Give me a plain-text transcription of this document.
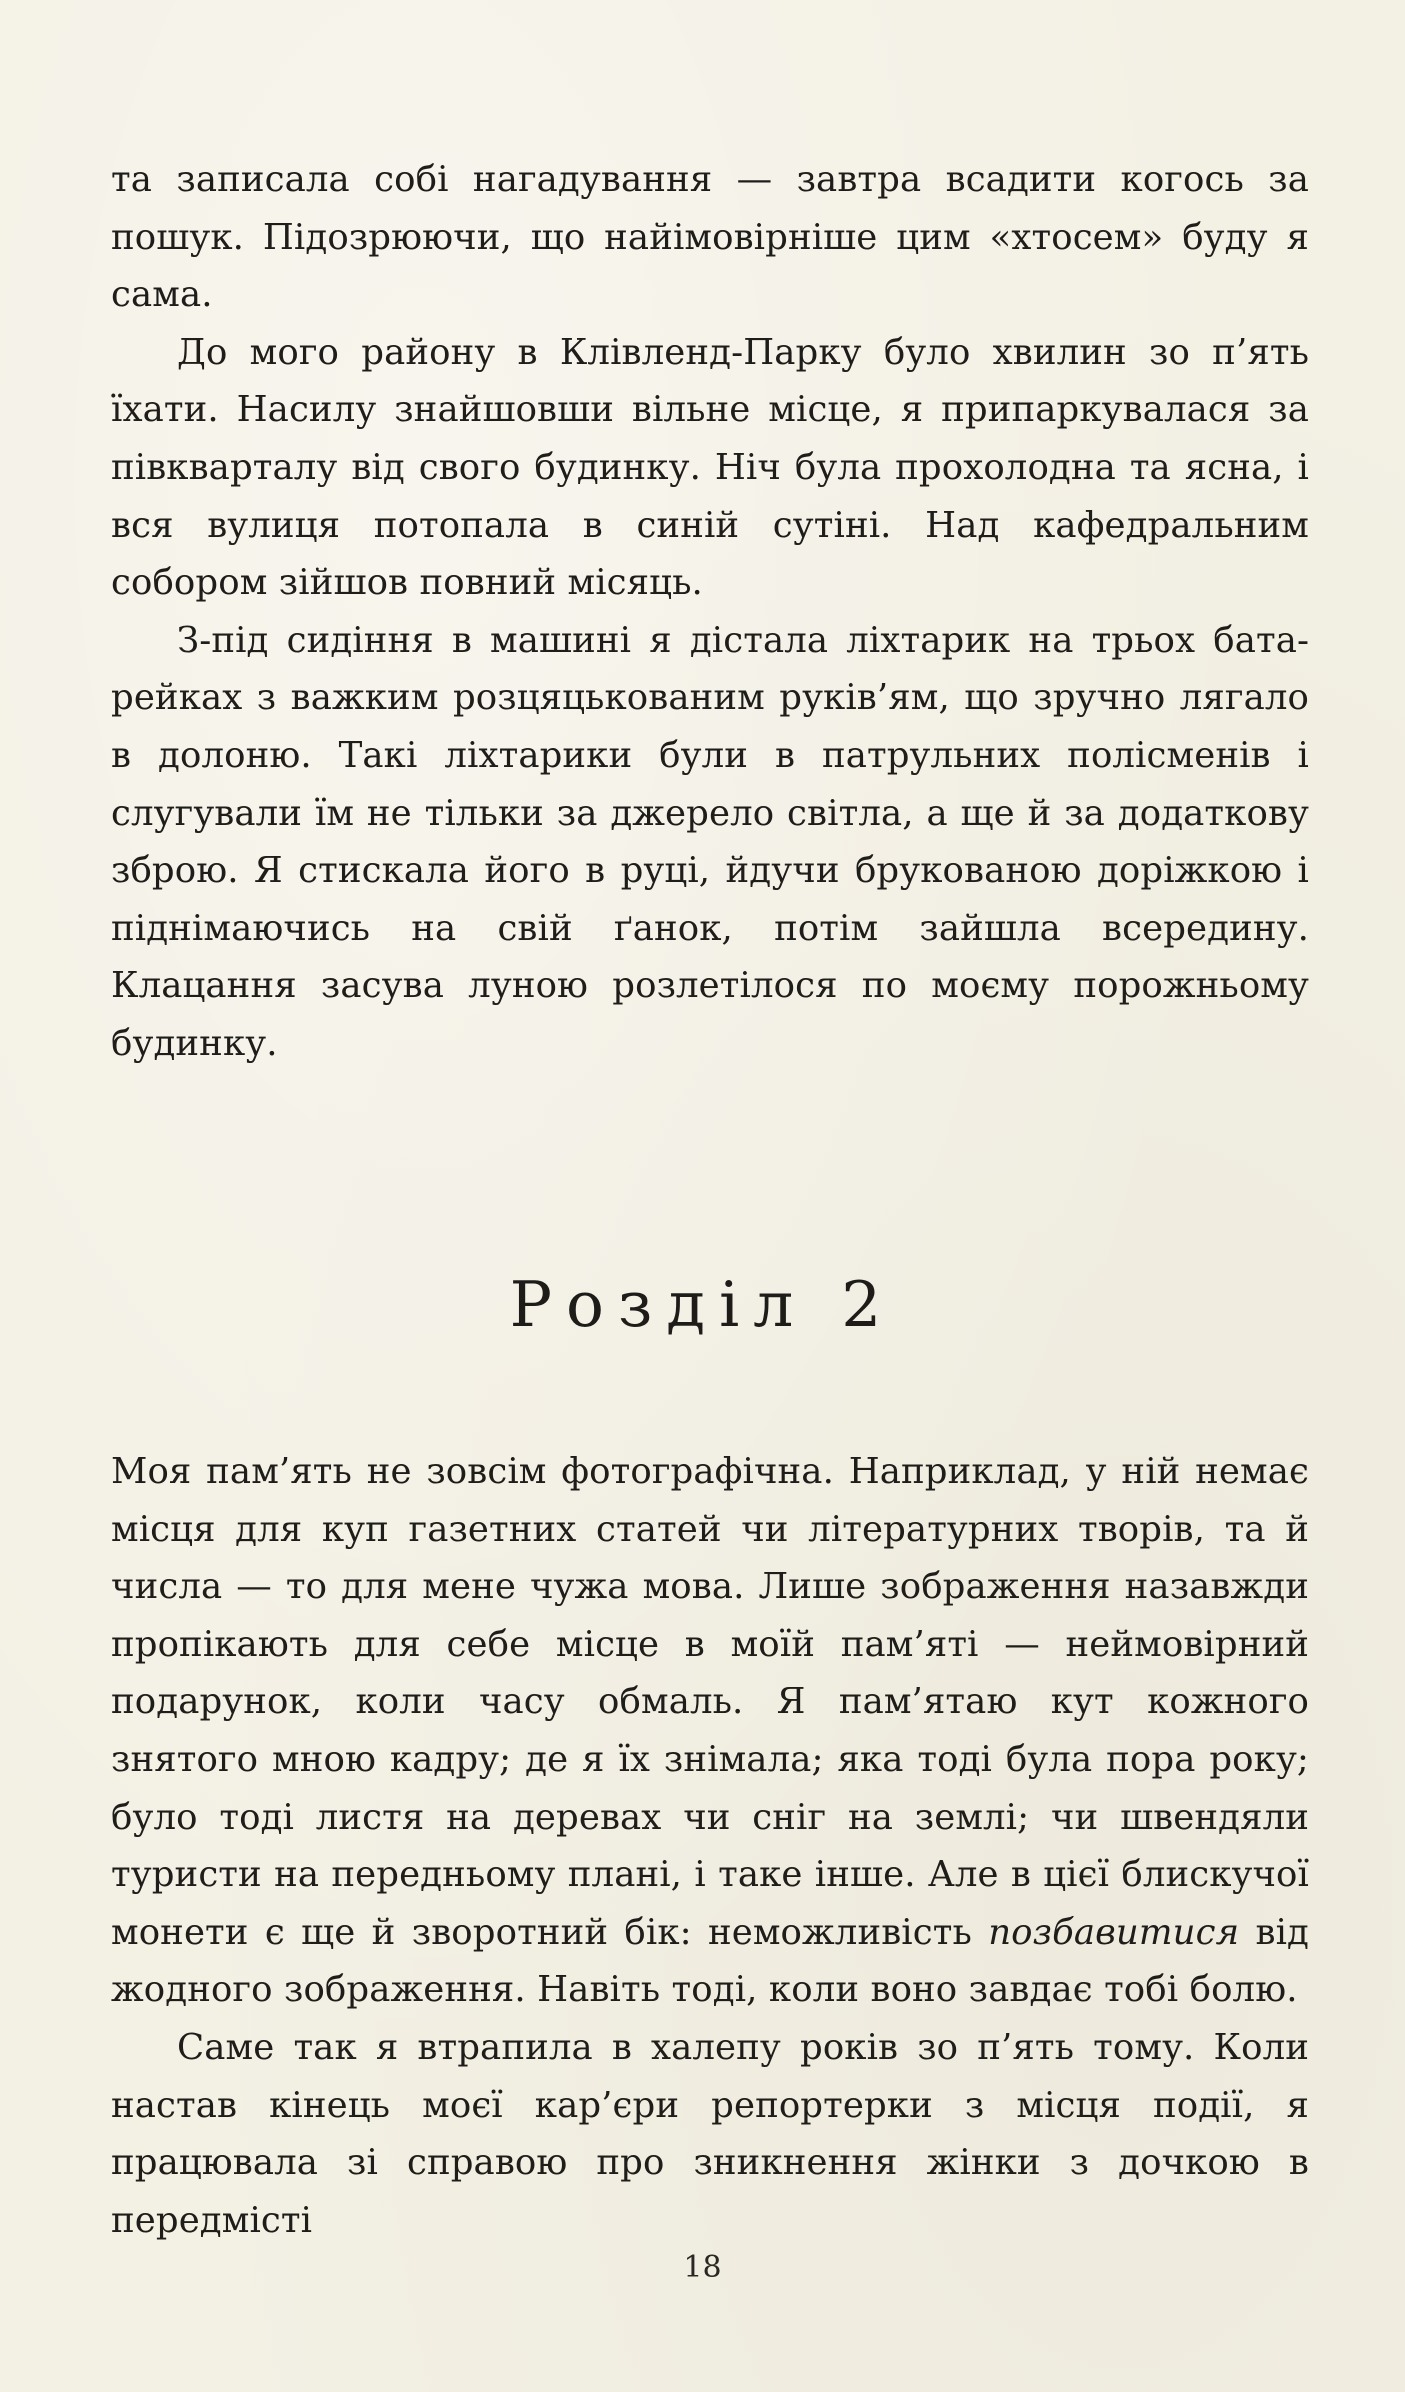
та записала собі нагадування — завтра всадити когось за пошук. Підозрюючи, що найімовірніше цим «хтосем» буду я сама.

До мого району в Клівленд-Парку було хвилин зо п’ять їхати. Насилу знайшовши вільне місце, я припаркувалася за півкварталу від свого будинку. Ніч була прохолодна та ясна, і вся вулиця потопала в синій сутіні. Над кафедральним собором зійшов повний місяць.

З-під сидіння в машині я дістала ліхтарик на трьох батарейках з важким розцяцькованим руків’ям, що зручно лягало в долоню. Такі ліхтарики були в патрульних полісменів і слугували їм не тільки за джерело світла, а ще й за додаткову зброю. Я стискала його в руці, йдучи брукованою доріжкою і піднімаючись на свій ґанок, потім зайшла всередину. Клацання засува луною розлетілося по моєму порожньому будинку.

Розділ 2

Моя пам’ять не зовсім фотографічна. Наприклад, у ній немає місця для куп газетних статей чи літературних творів, та й числа — то для мене чужа мова. Лише зображення назавжди пропікають для себе місце в моїй пам’яті — неймовірний подарунок, коли часу обмаль. Я пам’ятаю кут кожного знятого мною кадру; де я їх знімала; яка тоді була пора року; було тоді листя на деревах чи сніг на землі; чи швендяли туристи на передньому плані, і таке інше. Але в цієї блискучої монети є ще й зворотний бік: неможливість позбавитися від жодного зображення. Навіть тоді, коли воно завдає тобі болю.

Саме так я втрапила в халепу років зо п’ять тому. Коли настав кінець моєї кар’єри репортерки з місця події, я працювала зі справою про зникнення жінки з дочкою в передмісті

18
